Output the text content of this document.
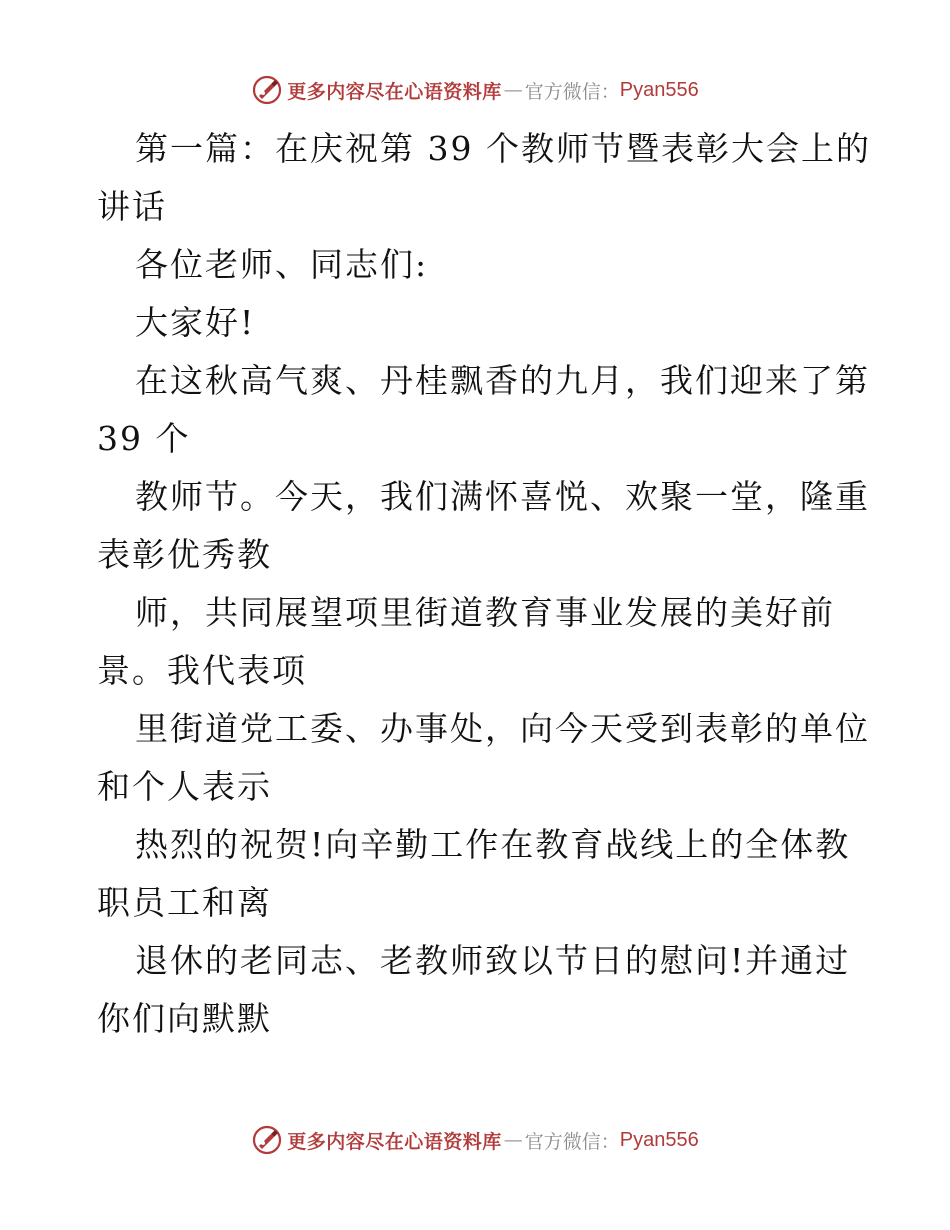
更多内容尽在心语资料库 — 官方微信： Pyan556
第一篇：在庆祝第 39 个教师节暨表彰大会上的
讲话
各位老师、同志们:
大家好!
在这秋高气爽、丹桂飘香的九月，我们迎来了第
39 个
教师节。今天，我们满怀喜悦、欢聚一堂，隆重
表彰优秀教
师，共同展望项里街道教育事业发展的美好前
景。我代表项
里街道党工委、办事处，向今天受到表彰的单位
和个人表示
热烈的祝贺!向辛勤工作在教育战线上的全体教
职员工和离
退休的老同志、老教师致以节日的慰问!并通过
你们向默默
更多内容尽在心语资料库 — 官方微信： Pyan556
